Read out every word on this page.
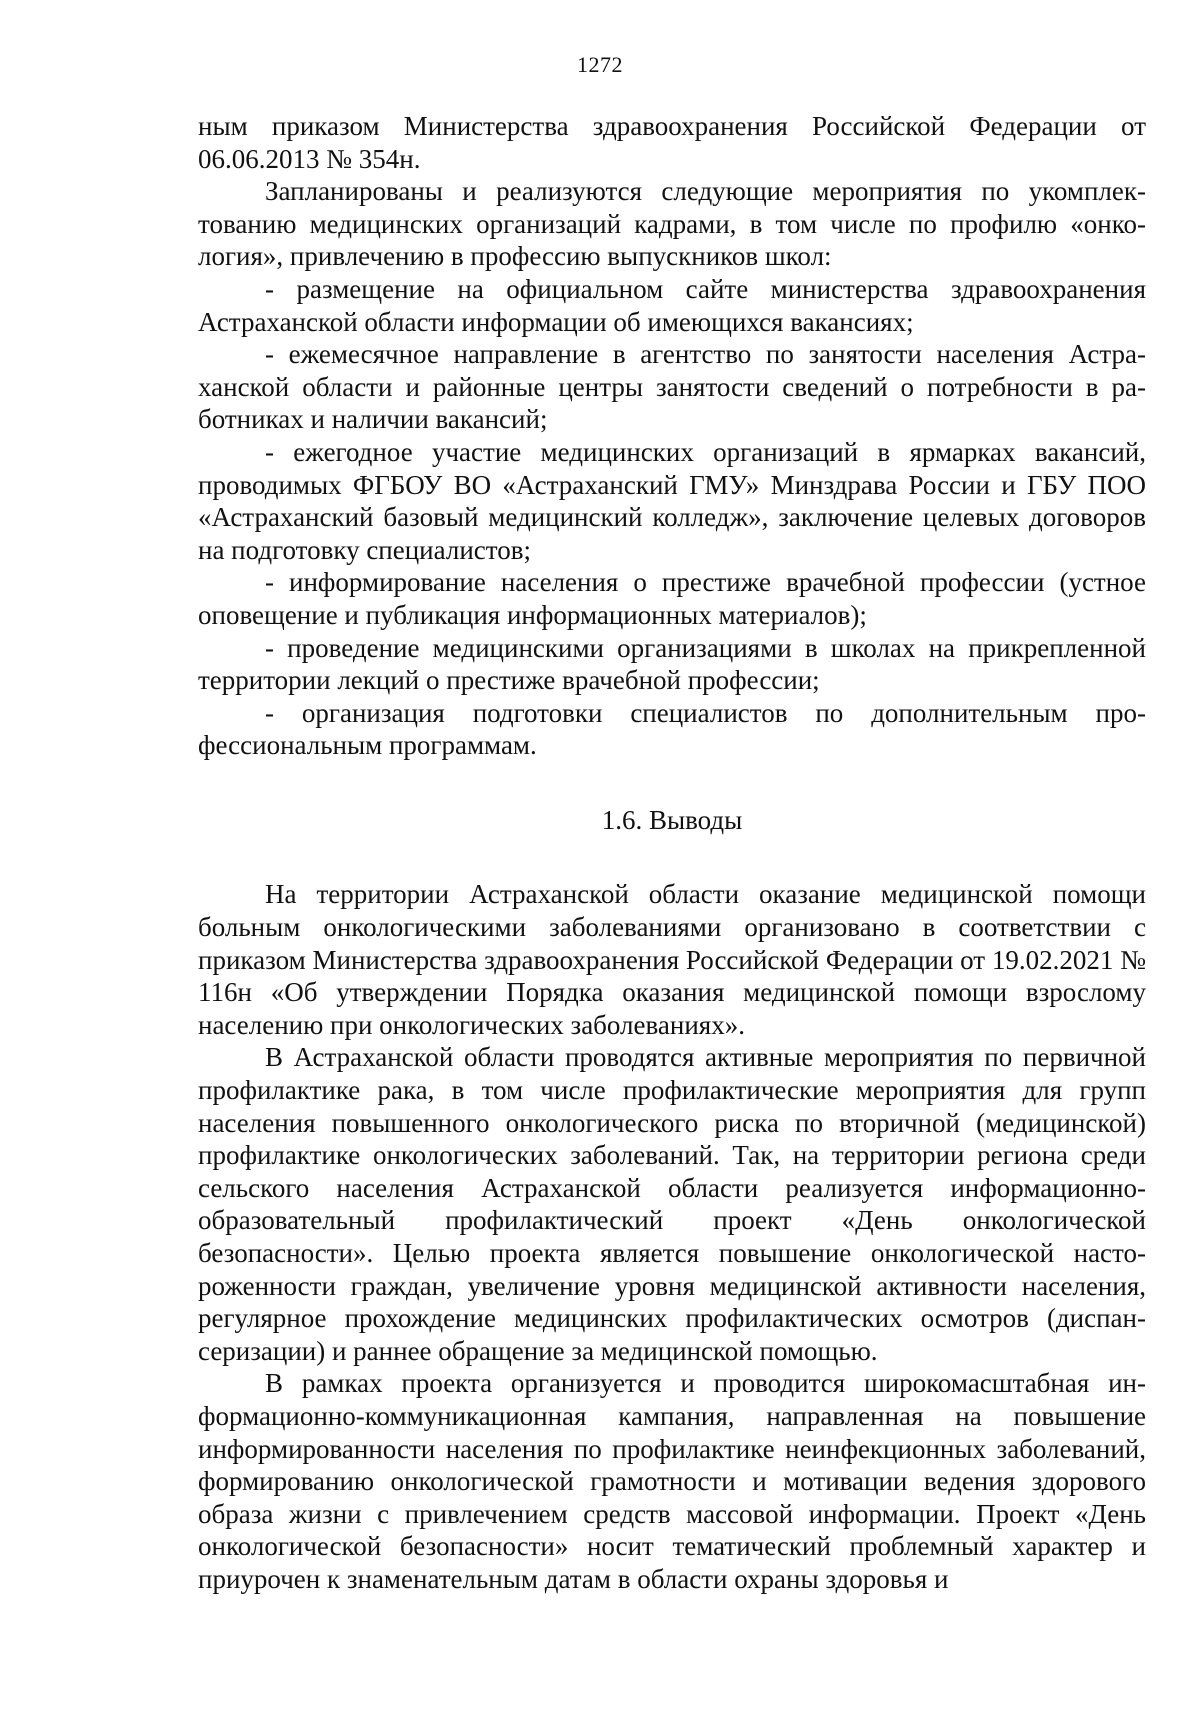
1272

ным приказом Министерства здравоохранения Российской Федерации от 06.06.2013 № 354н.

Запланированы и реализуются следующие мероприятия по укомплектованию медицинских организаций кадрами, в том числе по профилю «онкология», привлечению в профессию выпускников школ:

- размещение на официальном сайте министерства здравоохранения Астраханской области информации об имеющихся вакансиях;

- ежемесячное направление в агентство по занятости населения Астраханской области и районные центры занятости сведений о потребности в работниках и наличии вакансий;

- ежегодное участие медицинских организаций в ярмарках вакансий, проводимых ФГБОУ ВО «Астраханский ГМУ» Минздрава России и ГБУ ПОО «Астраханский базовый медицинский колледж», заключение целевых договоров на подготовку специалистов;

- информирование населения о престиже врачебной профессии (устное оповещение и публикация информационных материалов);

- проведение медицинскими организациями в школах на прикрепленной территории лекций о престиже врачебной профессии;

- организация подготовки специалистов по дополнительным профессиональным программам.

1.6. Выводы

На территории Астраханской области оказание медицинской помощи больным онкологическими заболеваниями организовано в соответствии с приказом Министерства здравоохранения Российской Федерации от 19.02.2021 № 116н «Об утверждении Порядка оказания медицинской помощи взрослому населению при онкологических заболеваниях».

В Астраханской области проводятся активные мероприятия по первичной профилактике рака, в том числе профилактические мероприятия для групп населения повышенного онкологического риска по вторичной (медицинской) профилактике онкологических заболеваний. Так, на территории региона среди сельского населения Астраханской области реализуется информационно-образовательный профилактический проект «День онкологической безопасности». Целью проекта является повышение онкологической настороженности граждан, увеличение уровня медицинской активности населения, регулярное прохождение медицинских профилактических осмотров (диспансеризации) и раннее обращение за медицинской помощью.

В рамках проекта организуется и проводится широкомасштабная информационно-коммуникационная кампания, направленная на повышение информированности населения по профилактике неинфекционных заболеваний, формированию онкологической грамотности и мотивации ведения здорового образа жизни с привлечением средств массовой информации. Проект «День онкологической безопасности» носит тематический проблемный характер и приурочен к знаменательным датам в области охраны здоровья и
